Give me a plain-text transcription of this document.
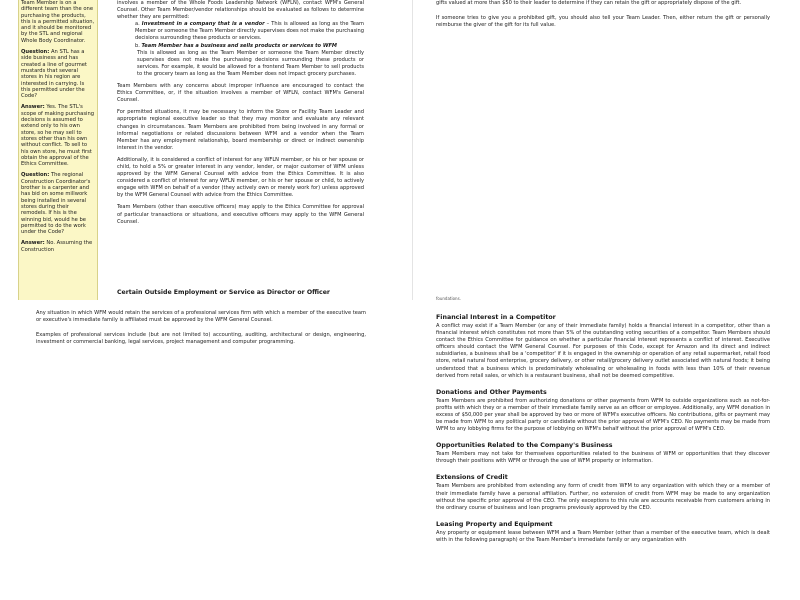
Team Member is on a different team than the one purchasing the products, this is a permitted situation, and it should be monitored by the STL and regional Whole Body Coordinator.
Question: An STL has a side business and has created a line of gourmet mustards that several stores in his region are interested in carrying. Is this permitted under the Code?
Answer: Yes. The STL's scope of making purchasing decisions is assumed to extend only to his own store, so he may sell to stores other than his own without conflict. To sell to his own store, he must first obtain the approval of the Ethics Committee.
Question: The regional Construction Coordinator's brother is a carpenter and has bid on some millwork being installed in several stores during their remodels. If his is the winning bid, would he be permitted to do the work under the Code?
Answer: No. Assuming the Construction

involves a member of the Whole Foods Leadership Network (WFLN), contact WFM's General Counsel. Other Team Member/vendor relationships should be evaluated as follows to determine whether they are permitted:

a. Investment in a company that is a vendor – This is allowed as long as the Team Member or someone the Team Member directly supervises does not make the purchasing decisions surrounding these products or services.

b. Team Member has a business and sells products or services to WFM

This is allowed as long as the Team Member or someone the Team Member directly supervises does not make the purchasing decisions surrounding these products or services. For example, it would be allowed for a frontend Team Member to sell products to the grocery team as long as the Team Member does not impact grocery purchases.

Team Members with any concerns about improper influence are encouraged to contact the Ethics Committee, or, if the situation involves a member of WFLN, contact WFM's General Counsel.

For permitted situations, it may be necessary to inform the Store or Facility Team Leader and appropriate regional executive leader so that they may monitor and evaluate any relevant changes in circumstances. Team Members are prohibited from being involved in any formal or informal negotiations or related discussions between WFM and a vendor when the Team Member has any employment relationship, board membership or direct or indirect ownership interest in the vendor.

Additionally, it is considered a conflict of interest for any WFLN member, or his or her spouse or child, to hold a 5% or greater interest in any vendor, lender, or major customer of WFM unless approved by the WFM General Counsel with advice from the Ethics Committee. It is also considered a conflict of interest for any WFLN member, or his or her spouse or child, to actively engage with WFM on behalf of a vendor (they actively own or merely work for) unless approved by the WFM General Counsel with advice from the Ethics Committee.

Team Members (other than executive officers) may apply to the Ethics Committee for approval of particular transactions or situations, and executive officers may apply to the WFM General Counsel.

Certain Outside Employment or Service as Director or Officer

gifts valued at more than $50 to their leader to determine if they can retain the gift or appropriately dispose of the gift.

If someone tries to give you a prohibited gift, you should also tell your Team Leader. Then, either return the gift or personally reimburse the giver of the gift for its full value.

foundations.

Any situation in which WFM would retain the services of a professional services firm with which a member of the executive team or executive's immediate family is affiliated must be approved by the WFM General Counsel.

Examples of professional services include (but are not limited to) accounting, auditing, architectural or design, engineering, investment or commercial banking, legal services, project management and computer programming.

Financial Interest in a Competitor

A conflict may exist if a Team Member (or any of their immediate family) holds a financial interest in a competitor, other than a financial interest which constitutes not more than 5% of the outstanding voting securities of a competitor. Team Members should contact the Ethics Committee for guidance on whether a particular financial interest represents a conflict of interest. Executive officers should contact the WFM General Counsel. For purposes of this Code, except for Amazon and its direct and indirect subsidiaries, a business shall be a 'competitor' if it is engaged in the ownership or operation of any retail supermarket, retail food store, retail natural food enterprise, grocery delivery, or other retail/grocery delivery outlet associated with natural foods; it being understood that a business which is predominately wholesaling or wholesaling in foods with less than 10% of their revenue derived from retail sales, or which is a restaurant business, shall not be deemed competitive.

Donations and Other Payments

Team Members are prohibited from authorizing donations or other payments from WFM to outside organizations such as not-for-profits with which they or a member of their immediate family serve as an officer or employee. Additionally, any WFM donation in excess of $50,000 per year shall be approved by two or more of WFM's executive officers. No contributions, gifts or payment may be made from WFM to any political party or candidate without the prior approval of WFM's CEO. No payments may be made from WFM to any lobbying firms for the purpose of lobbying on WFM's behalf without the prior approval of WFM's CEO.

Opportunities Related to the Company's Business

Team Members may not take for themselves opportunities related to the business of WFM or opportunities that they discover through their positions with WFM or through the use of WFM property or information.

Extensions of Credit

Team Members are prohibited from extending any form of credit from WFM to any organization with which they or a member of their immediate family have a personal affiliation. Further, no extension of credit from WFM may be made to any organization without the specific prior approval of the CEO. The only exceptions to this rule are accounts receivable from customers arising in the ordinary course of business and loan programs previously approved by the CEO.

Leasing Property and Equipment

Any property or equipment lease between WFM and a Team Member (other than a member of the executive team, which is dealt with in the following paragraph) or the Team Member's immediate family or any organization with
